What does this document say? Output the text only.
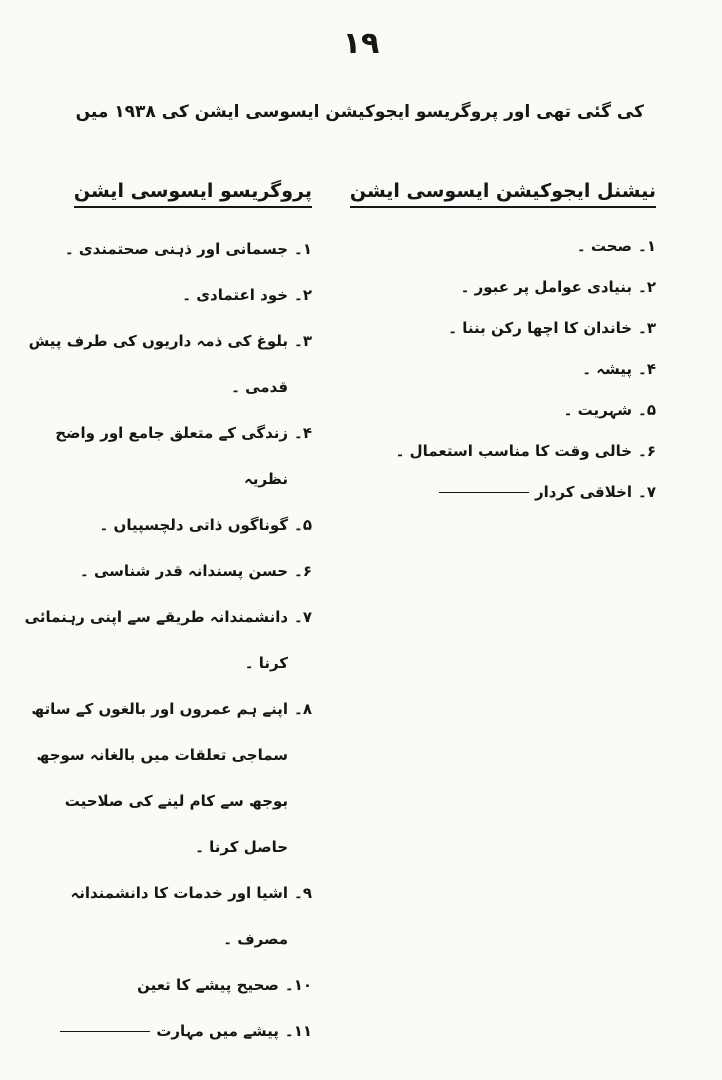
۱۹
کی گئی تھی اور پروگریسو ایجوکیشن ایسوسی ایشن کی ۱۹۳۸ میں
نیشنل ایجوکیشن ایسوسی ایشن
۱۔
صحت ۔
۲۔
بنیادی عوامل پر عبور ۔
۳۔
خاندان کا اچھا رکن بننا ۔
۴۔
پیشہ ۔
۵۔
شہریت ۔
۶۔
خالی وقت کا مناسب استعمال ۔
۷۔
اخلاقی کردار
پروگریسو ایسوسی ایشن
۱۔
جسمانی اور ذہنی صحتمندی ۔
۲۔
خود اعتمادی ۔
۳۔
بلوغ کی ذمہ داریوں کی طرف پیش قدمی ۔
۴۔
زندگی کے متعلق جامع اور واضح نظریہ
۵۔
گوناگوں ذاتی دلچسپیاں ۔
۶۔
حسن پسندانہ قدر شناسی ۔
۷۔
دانشمندانہ طریقے سے اپنی رہنمائی کرنا ۔
۸۔
اپنے ہم عمروں اور بالغوں کے ساتھ سماجی تعلقات میں بالغانہ سوجھ بوجھ سے کام لینے کی صلاحیت حاصل کرنا ۔
۹۔
اشیا اور خدمات کا دانشمندانہ مصرف ۔
۱۰۔
صحیح پیشے کا تعین
۱۱۔
پیشے میں مہارت
